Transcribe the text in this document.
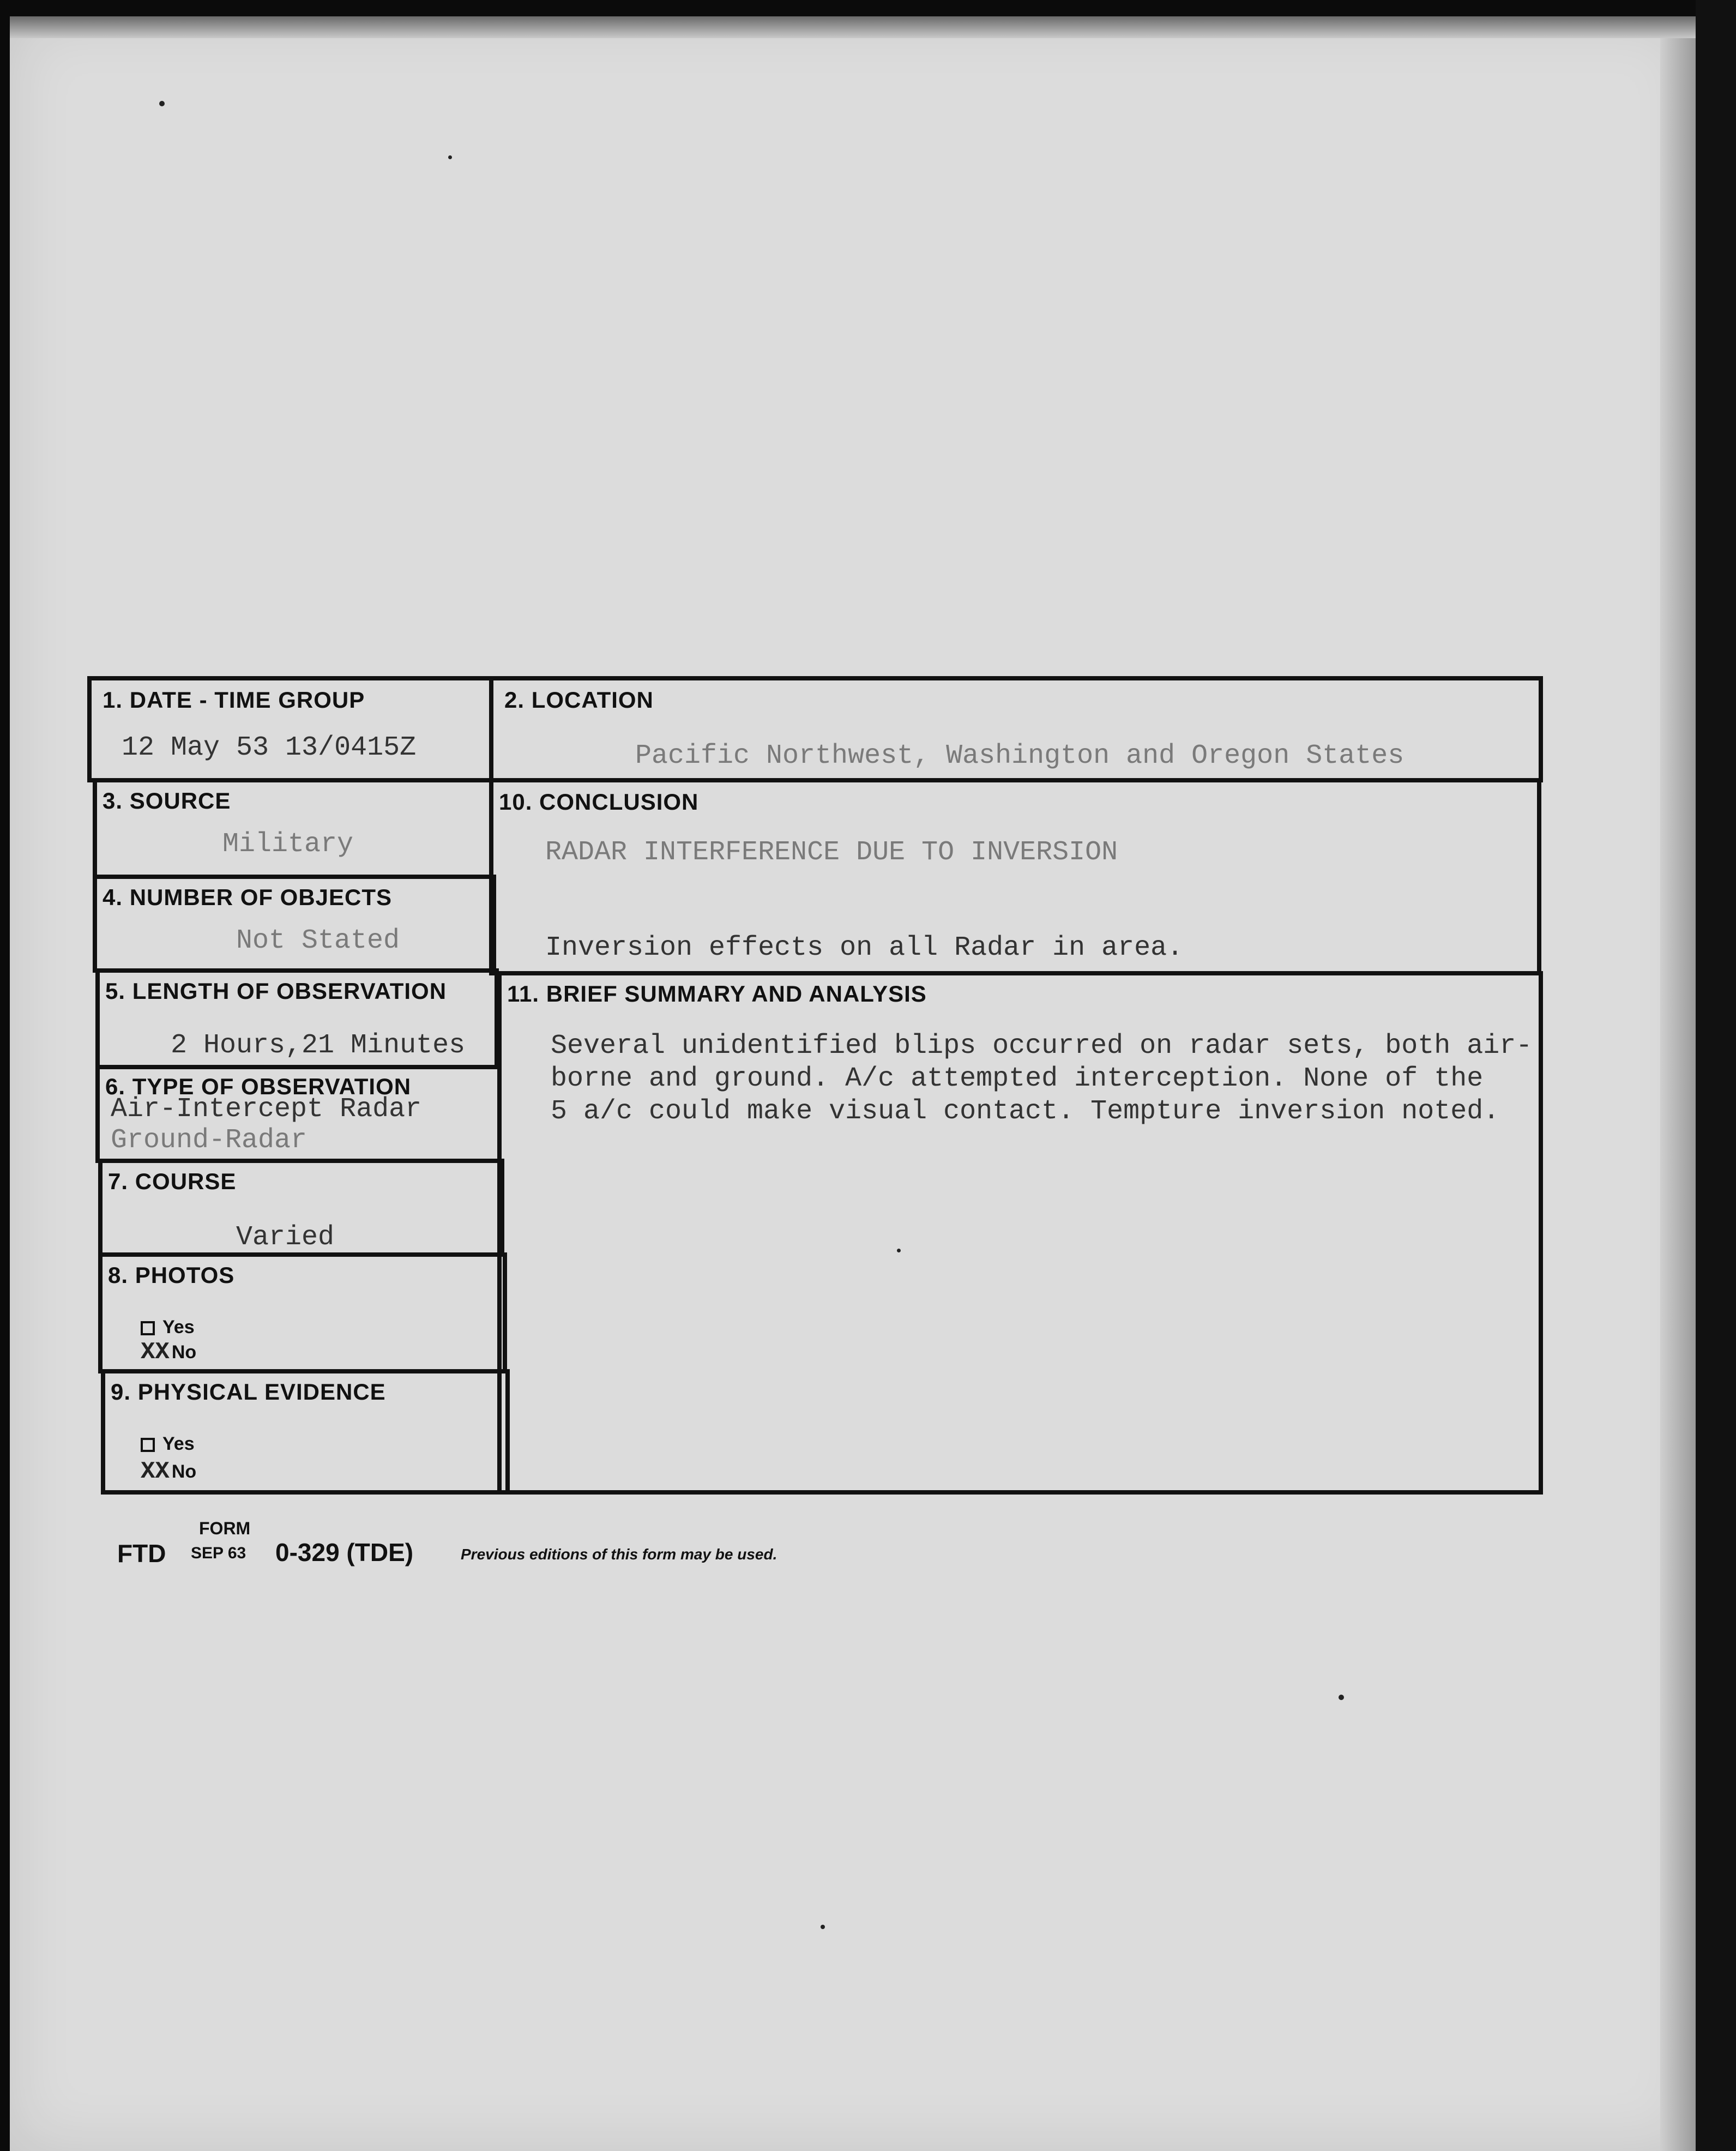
1. DATE - TIME GROUP
12 May 53 13/0415Z
3. SOURCE
Military
4. NUMBER OF OBJECTS
Not Stated
5. LENGTH OF OBSERVATION
2 Hours,21 Minutes
6. TYPE OF OBSERVATION
Air-Intercept Radar
Ground-Radar
7. COURSE
Varied
8. PHOTOS
Yes
XX No
9. PHYSICAL EVIDENCE
Yes
XX No
2. LOCATION
Pacific Northwest, Washington and Oregon States
10. CONCLUSION
RADAR INTERFERENCE DUE TO INVERSION
Inversion effects on all Radar in area.
11. BRIEF SUMMARY AND ANALYSIS
Several unidentified blips occurred on radar sets, both air-
borne and ground. A/c attempted interception. None of the
5 a/c could make visual contact. Tempture inversion noted.
FORM
FTD SEP 63 0-329 (TDE)	Previous editions of this form may be used.
